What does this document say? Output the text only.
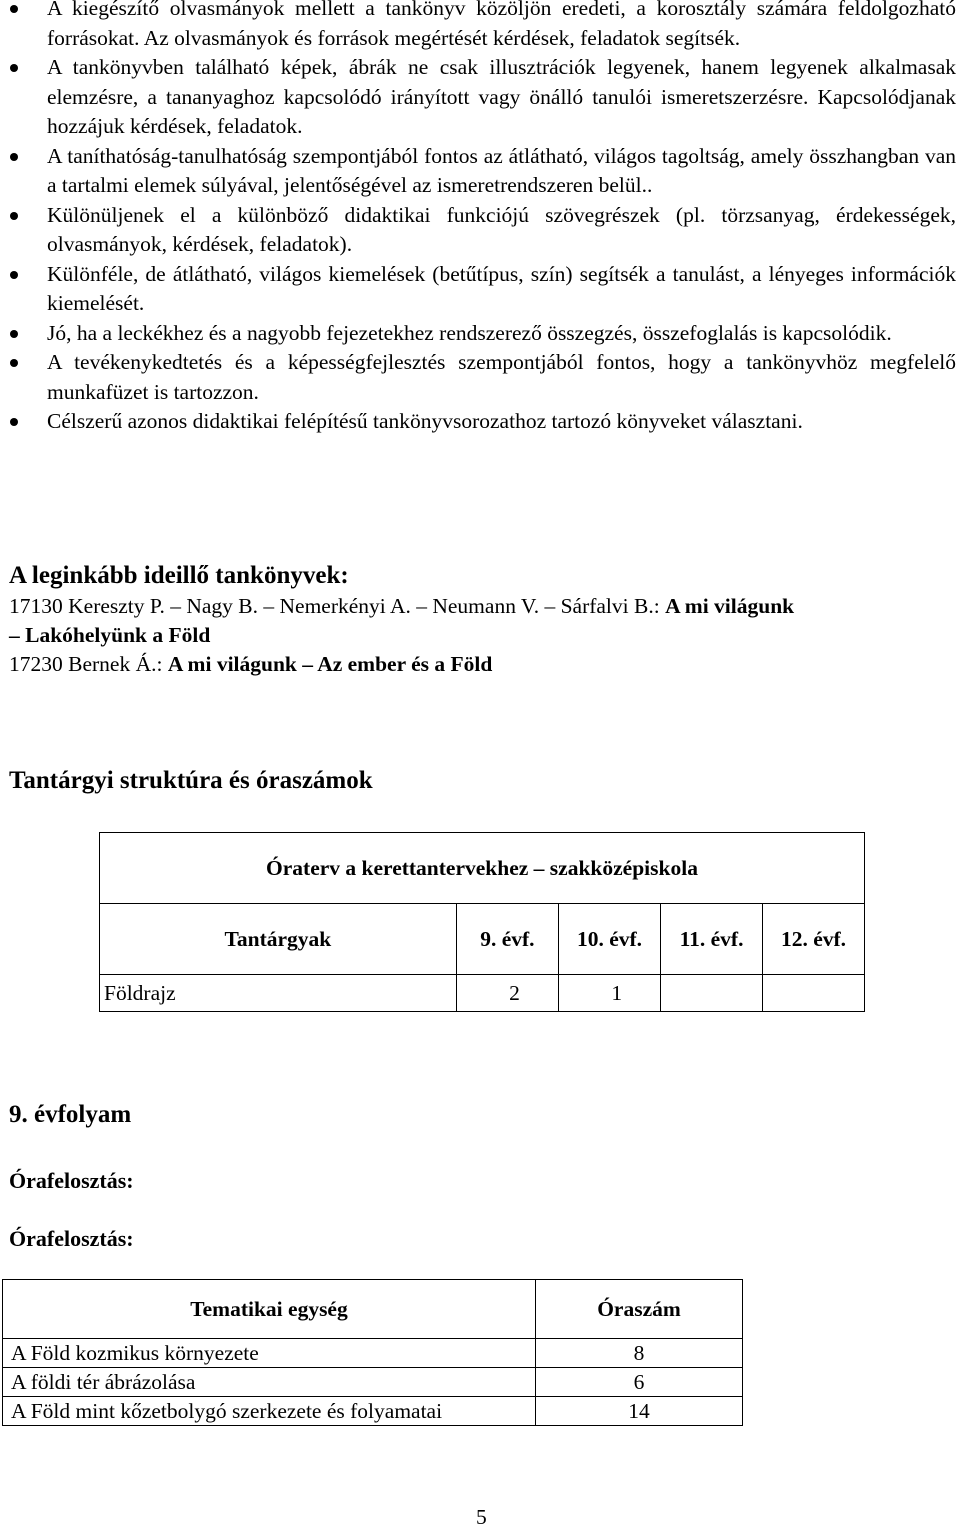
A kiegészítő olvasmányok mellett a tankönyv közöljön eredeti, a korosztály számára feldolgozható forrásokat. Az olvasmányok és források megértését kérdések, feladatok segítsék.
A tankönyvben található képek, ábrák ne csak illusztrációk legyenek, hanem legyenek alkalmasak elemzésre, a tananyaghoz kapcsolódó irányított vagy önálló tanulói ismeretszerzésre. Kapcsolódjanak hozzájuk kérdések, feladatok.
A taníthatóság-tanulhatóság szempontjából fontos az átlátható, világos tagoltság, amely összhangban van a tartalmi elemek súlyával, jelentőségével az ismeretrendszeren belül..
Különüljenek el a különböző didaktikai funkciójú szövegrészek (pl. törzsanyag, érdekességek, olvasmányok, kérdések, feladatok).
Különféle, de átlátható, világos kiemelések (betűtípus, szín) segítsék a tanulást, a lényeges információk kiemelését.
Jó, ha a leckékhez és a nagyobb fejezetekhez rendszerező összegzés, összefoglalás is kapcsolódik.
A tevékenykedtetés és a képességfejlesztés szempontjából fontos, hogy a tankönyvhöz megfelelő munkafüzet is tartozzon.
Célszerű azonos didaktikai felépítésű tankönyvsorozathoz tartozó könyveket választani.
A leginkább ideillő tankönyvek:
17130 Kereszty P. – Nagy B. – Nemerkényi A. – Neumann V. – Sárfalvi B.: A mi világunk
– Lakóhelyünk a Föld
17230 Bernek Á.: A mi világunk – Az ember és a Föld
Tantárgyi struktúra és óraszámok
Óraterv a kerettantervekhez – szakközépiskola				
Tantárgyak	9. évf.	10. évf.	11. évf.	12. évf.
Földrajz	2	1		
9. évfolyam
Órafelosztás:
Órafelosztás:
Tematikai egység	Óraszám
A Föld kozmikus környezete	8
A földi tér ábrázolása	6
A Föld mint kőzetbolygó szerkezete és folyamatai	14
5
